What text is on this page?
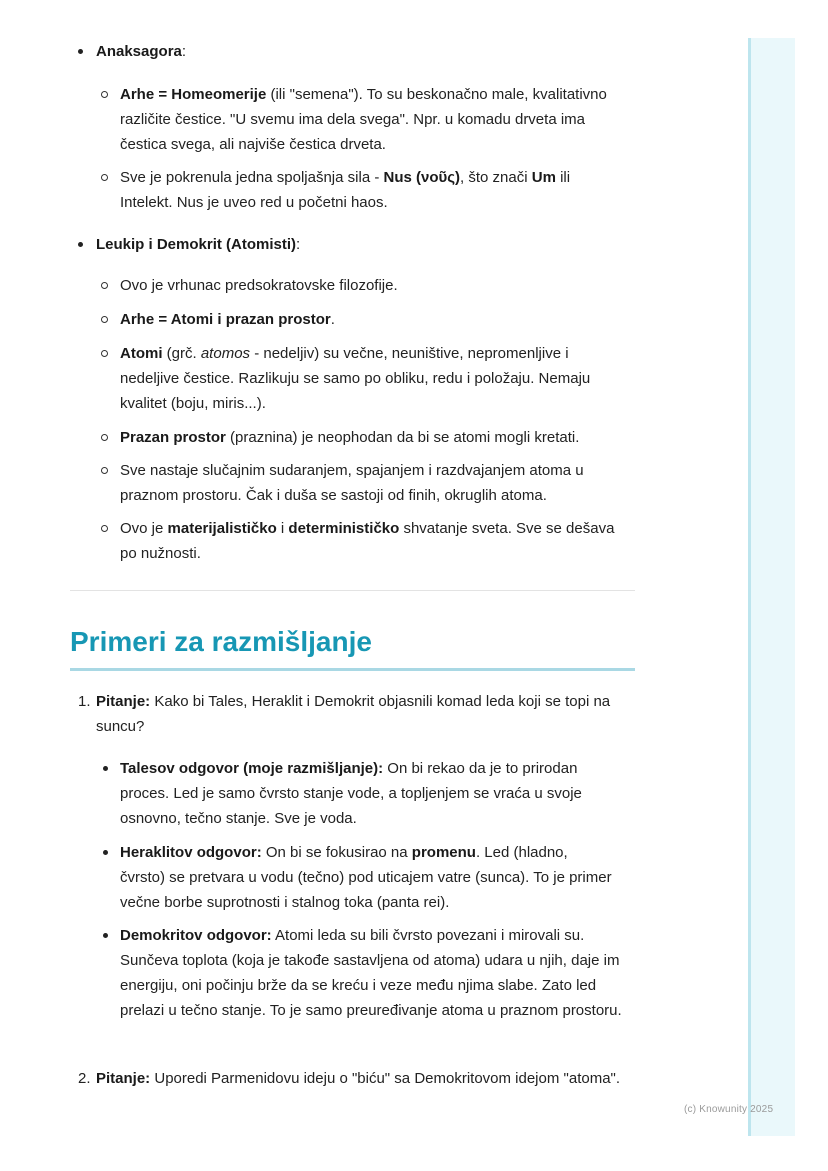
Anaksagora:

Arhe = Homeomerije (ili "semena"). To su beskonačno male, kvalitativno različite čestice. "U svemu ima dela svega". Npr. u komadu drveta ima čestica svega, ali najviše čestica drveta.

Sve je pokrenula jedna spoljašnja sila - Nus (νοῦς), što znači Um ili Intelekt. Nus je uveo red u početni haos.

Leukip i Demokrit (Atomisti):

Ovo je vrhunac predsokratovske filozofije.

Arhe = Atomi i prazan prostor.

Atomi (grč. atomos - nedeljiv) su večne, neuništive, nepromenljive i nedeljive čestice. Razlikuju se samo po obliku, redu i položaju. Nemaju kvalitet (boju, miris...).

Prazan prostor (praznina) je neophodan da bi se atomi mogli kretati.

Sve nastaje slučajnim sudaranjem, spajanjem i razdvajanjem atoma u praznom prostoru. Čak i duša se sastoji od finih, okruglih atoma.

Ovo je materijalističko i determinističko shvatanje sveta. Sve se dešava po nužnosti.

Primeri za razmišljanje
1. Pitanje: Kako bi Tales, Heraklit i Demokrit objasnili komad leda koji se topi na suncu?

Talesov odgovor (moje razmišljanje): On bi rekao da je to prirodan proces. Led je samo čvrsto stanje vode, a topljenjem se vraća u svoje osnovno, tečno stanje. Sve je voda.

Heraklitov odgovor: On bi se fokusirao na promenu. Led (hladno, čvrsto) se pretvara u vodu (tečno) pod uticajem vatre (sunca). To je primer večne borbe suprotnosti i stalnog toka (panta rei).

Demokritov odgovor: Atomi leda su bili čvrsto povezani i mirovali su. Sunčeva toplota (koja je takođe sastavljena od atoma) udara u njih, daje im energiju, oni počinju brže da se kreću i veze među njima slabe. Zato led prelazi u tečno stanje. To je samo preuređivanje atoma u praznom prostoru.

2. Pitanje: Uporedi Parmenidovu ideju o "biću" sa Demokritovom idejom "atoma".

(c) Knowunity 2025
